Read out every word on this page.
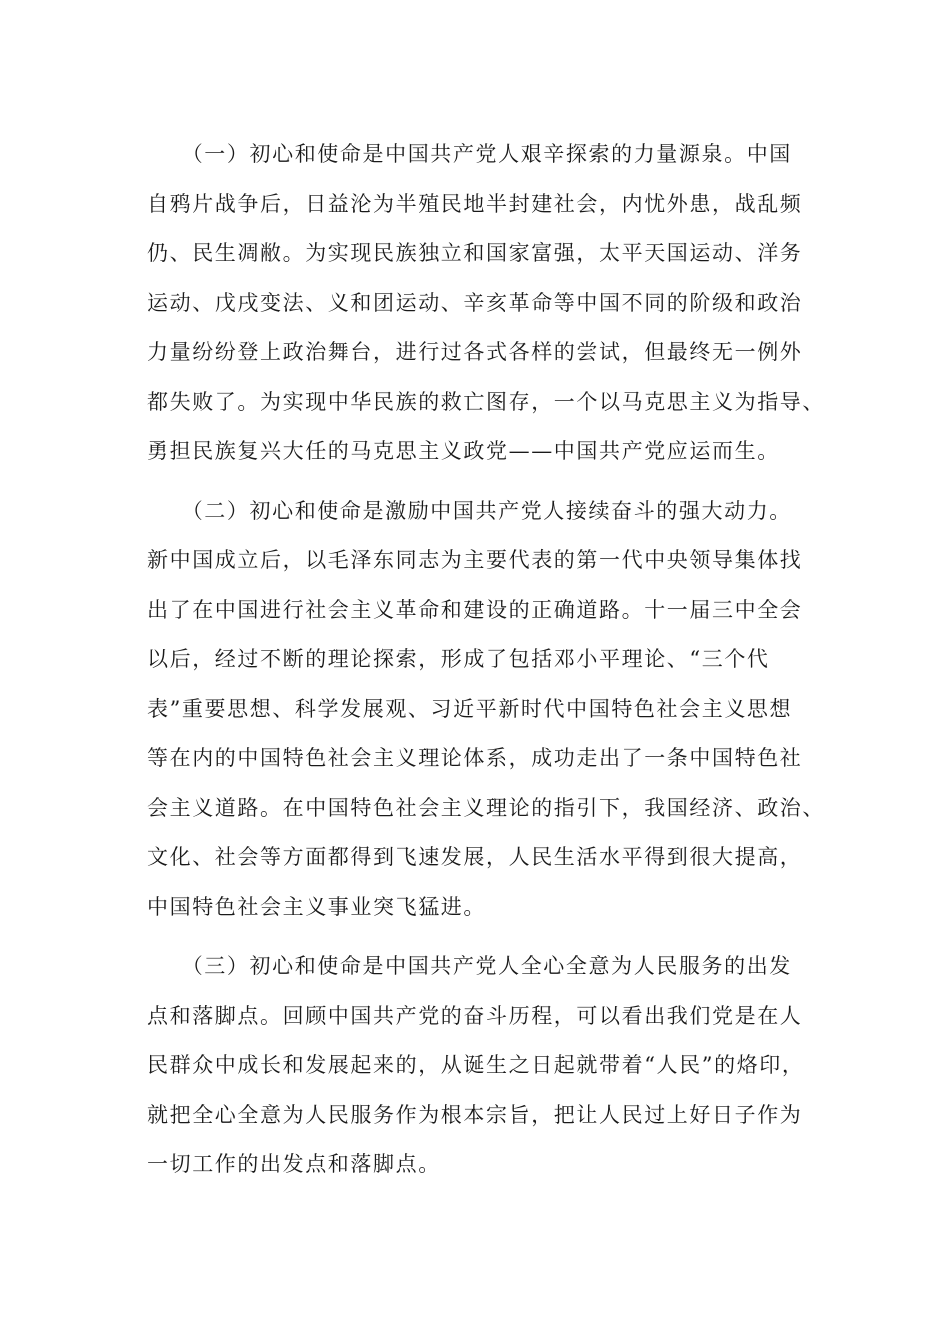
　　（一）初心和使命是中国共产党人艰辛探索的力量源泉。中国
自鸦片战争后，日益沦为半殖民地半封建社会，内忧外患，战乱频
仍、民生凋敝。为实现民族独立和国家富强，太平天国运动、洋务
运动、戊戌变法、义和团运动、辛亥革命等中国不同的阶级和政治
力量纷纷登上政治舞台，进行过各式各样的尝试，但最终无一例外
都失败了。为实现中华民族的救亡图存，一个以马克思主义为指导、
勇担民族复兴大任的马克思主义政党——中国共产党应运而生。

　　（二）初心和使命是激励中国共产党人接续奋斗的强大动力。
新中国成立后，以毛泽东同志为主要代表的第一代中央领导集体找
出了在中国进行社会主义革命和建设的正确道路。十一届三中全会
以后，经过不断的理论探索，形成了包括邓小平理论、“三个代
表”重要思想、科学发展观、习近平新时代中国特色社会主义思想
等在内的中国特色社会主义理论体系，成功走出了一条中国特色社
会主义道路。在中国特色社会主义理论的指引下，我国经济、政治、
文化、社会等方面都得到飞速发展，人民生活水平得到很大提高，
中国特色社会主义事业突飞猛进。

　　（三）初心和使命是中国共产党人全心全意为人民服务的出发
点和落脚点。回顾中国共产党的奋斗历程，可以看出我们党是在人
民群众中成长和发展起来的，从诞生之日起就带着“人民”的烙印，
就把全心全意为人民服务作为根本宗旨，把让人民过上好日子作为
一切工作的出发点和落脚点。
